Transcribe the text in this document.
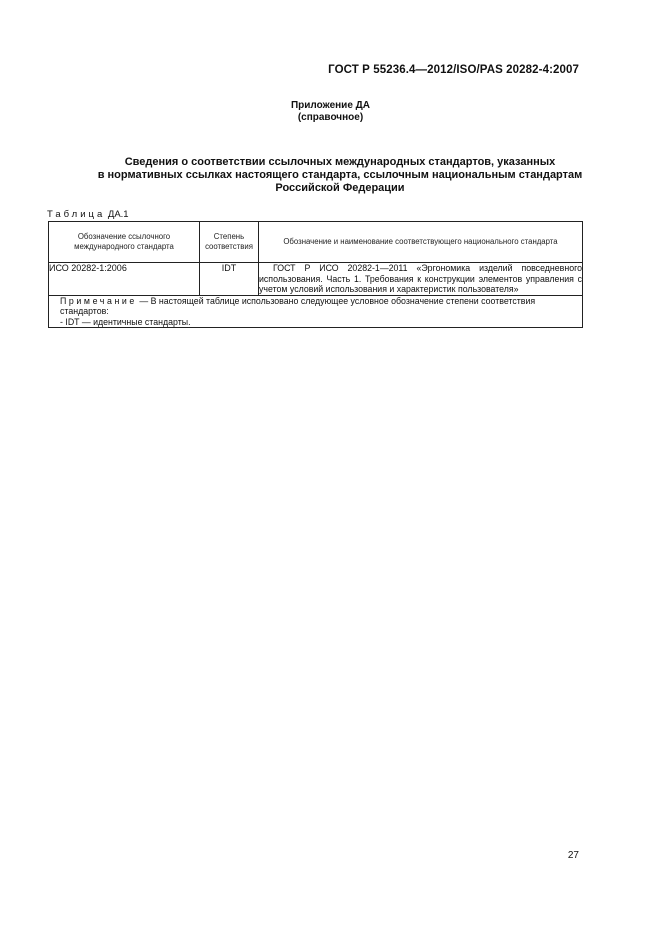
ГОСТ Р 55236.4—2012/ISO/PAS 20282-4:2007
Приложение ДА
(справочное)
Сведения о соответствии ссылочных международных стандартов, указанных
в нормативных ссылках настоящего стандарта, ссылочным национальным стандартам
Российской Федерации
Таблица ДА.1
Обозначение ссылочного международного стандарта	Степень соответствия	Обозначение и наименование соответствующего национального стандарта
ИСО 20282-1:2006	IDT	ГОСТ Р ИСО 20282-1—2011 «Эргономика изделий повседневного использования. Часть 1. Требования к конструкции элементов управления с учетом условий использования и характеристик пользователя»

Примечание — В настоящей таблице использовано следующее условное обозначение степени соответствия стандартов:
- IDT — идентичные стандарты.		
27
